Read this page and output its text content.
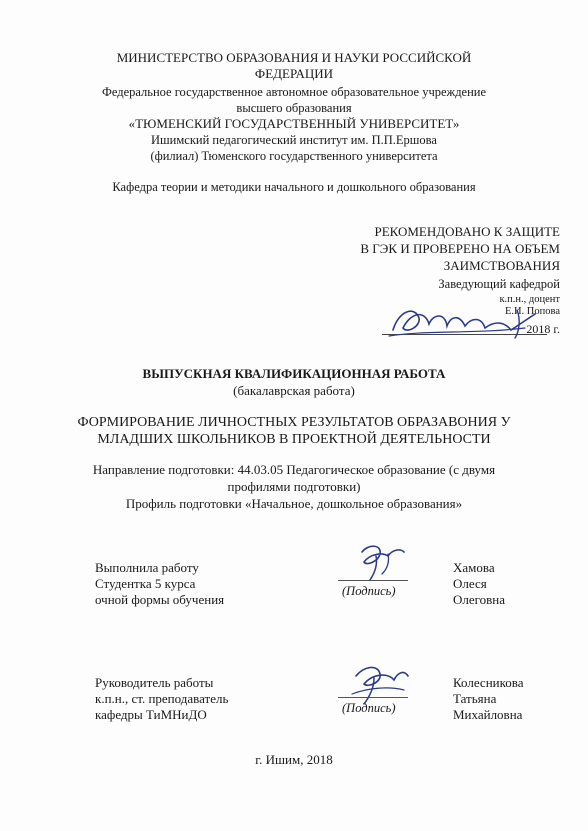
МИНИСТЕРСТВО ОБРАЗОВАНИЯ И НАУКИ РОССИЙСКОЙ
ФЕДЕРАЦИИ
Федеральное государственное автономное образовательное учреждение
высшего образования
«ТЮМЕНСКИЙ ГОСУДАРСТВЕННЫЙ УНИВЕРСИТЕТ»
Ишимский педагогический институт им. П.П.Ершова
(филиал) Тюменского государственного университета
Кафедра теории и методики начального и дошкольного образования
РЕКОМЕНДОВАНО К ЗАЩИТЕ
В ГЭК И ПРОВЕРЕНО НА ОБЪЕМ
ЗАИМСТВОВАНИЯ
Заведующий кафедрой
к.п.н., доцент
Е.И. Попова
2018 г.
ВЫПУСКНАЯ КВАЛИФИКАЦИОННАЯ РАБОТА
(бакалаврская работа)
ФОРМИРОВАНИЕ ЛИЧНОСТНЫХ РЕЗУЛЬТАТОВ ОБРАЗАВОНИЯ У
МЛАДШИХ ШКОЛЬНИКОВ В ПРОЕКТНОЙ ДЕЯТЕЛЬНОСТИ
Направление подготовки: 44.03.05 Педагогическое образование (с двумя
профилями подготовки)
Профиль подготовки «Начальное, дошкольное образования»
Выполнила работу
Студентка 5 курса
очной формы обучения
(Подпись)
Хамова
Олеся
Олеговна
Руководитель работы
к.п.н., ст. преподаватель
кафедры ТиМНиДО	(Подпись)
Колесникова
Татьяна
Михайловна
г. Ишим, 2018
